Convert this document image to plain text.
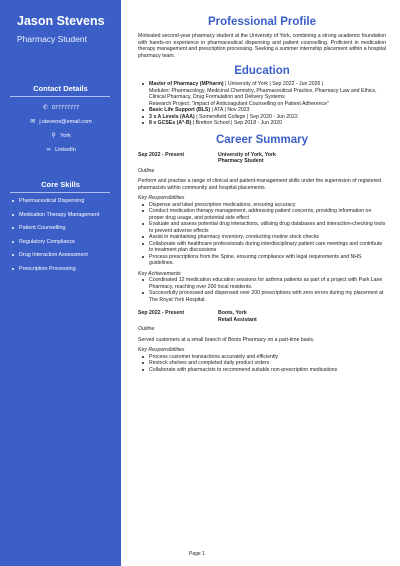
Jason Stevens
Pharmacy Student
Contact Details
✆ 077777777
✉ j.stevens@email.com
⚲ York
∞ LinkedIn
Core Skills
Pharmaceutical Dispensing
Medication Therapy Management
Patient Counselling
Regulatory Compliance
Drug Interaction Assessment
Prescription Processing
Professional Profile
Motivated second-year pharmacy student at the University of York, combining a strong academic foundation with hands-on experience in pharmaceutical dispensing and patient counselling. Proficient in medication therapy management and prescription processing. Seeking a summer internship placement within a hospital pharmacy team.
Education
Master of Pharmacy (MPharm) | University of York | Sep 2022 - Jun 2026 |
Modules: Pharmacology, Medicinal Chemistry, Pharmaceutical Practice, Pharmacy Law and Ethics, Clinical Pharmacy, Drug Formulation and Delivery Systems
Research Project: "Impact of Anticoagulant Counselling on Patient Adherence"
Basic Life Support (BLS) | ATA | Nov 2023
3 x A Levels (AAA) | Somersfield College | Sep 2020 - Jun 2022
8 x GCSEs (A*-B) | Bretton School | Sep 2018 - Jun 2020
Career Summary
Sep 2022 - Present	University of York, York
Pharmacy Student
Outline
Perform and practise a range of clinical and patient-management skills under the supervision of registered pharmacists within community and hospital placements.
Key Responsibilities
Dispense and label prescription medications, ensuring accuracy
Conduct medication therapy management, addressing patient concerns, providing information on proper drug usage, and potential side effect
Evaluate and assess potential drug interactions, utilising drug databases and interaction-checking tools to prevent adverse effects
Assist in maintaining pharmacy inventory, conducting routine stock checks
Collaborate with healthcare professionals during interdisciplinary patient care meetings and contribute to treatment plan discussions
Process prescriptions from the Spine, ensuring compliance with legal requirements and NHS guidelines.
Key Achievements
Coordinated 12 medication education sessions for asthma patients as part of a project with Park Lane Pharmacy, reaching over 200 local residents.
Successfully processed and dispensed over 200 prescriptions with zero errors during my placement at The Royal York Hospital.
Sep 2022 - Present	Boots, York
Retail Assistant
Outline
Served customers at a small branch of Boots Pharmacy on a part-time basis.
Key Responsibilities
Process customer transactions accurately and efficiently
Restock shelves and completed daily product orders
Collaborate with pharmacists to recommend suitable non-prescription medications
Page 1
